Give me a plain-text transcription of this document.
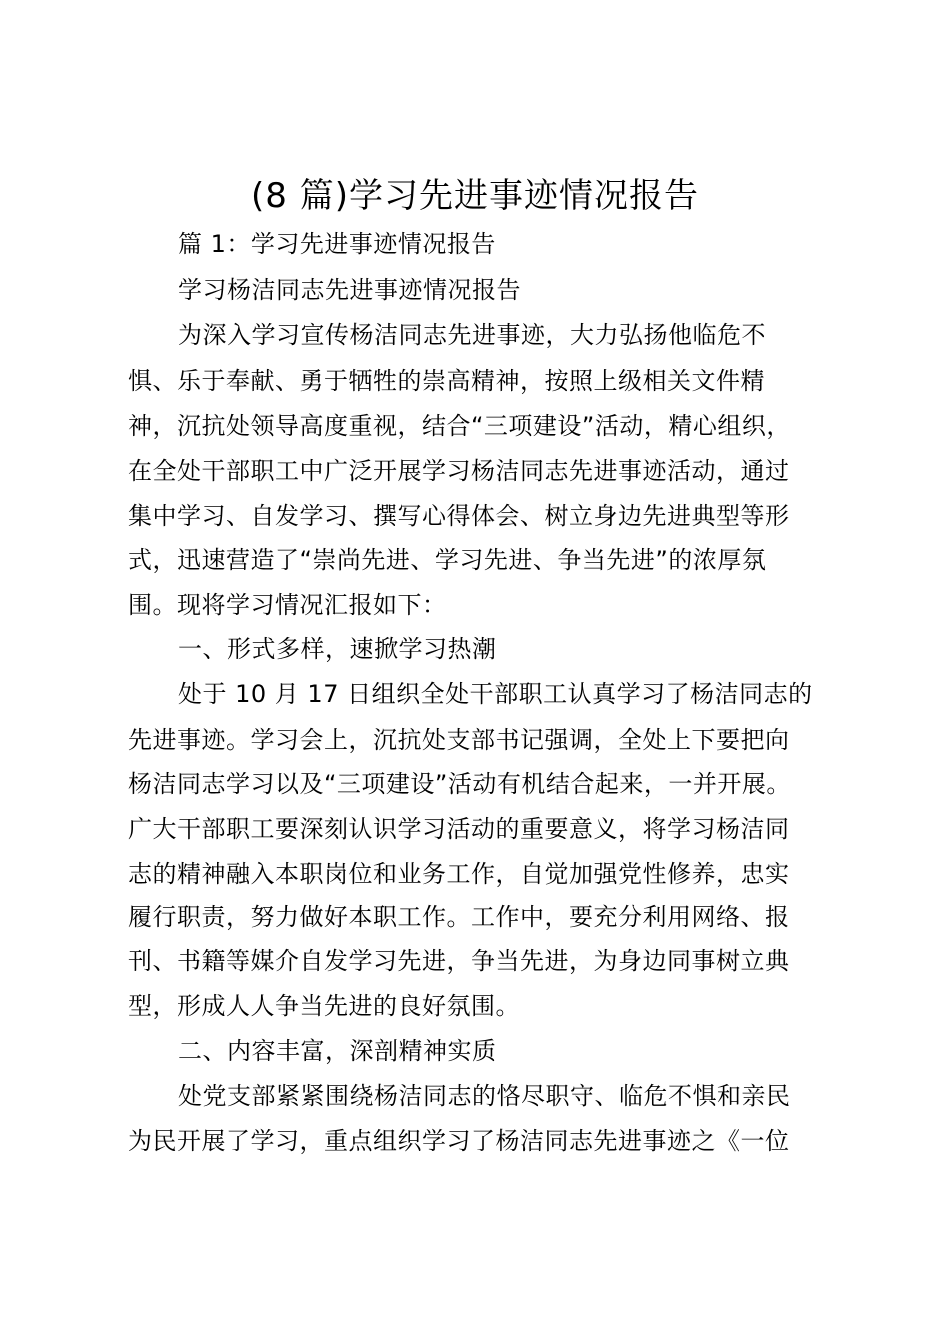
(8 篇)学习先进事迹情况报告
篇 1：学习先进事迹情况报告
学习杨洁同志先进事迹情况报告
为深入学习宣传杨洁同志先进事迹，大力弘扬他临危不
惧、乐于奉献、勇于牺牲的崇高精神，按照上级相关文件精
神，沉抗处领导高度重视，结合“三项建设”活动，精心组织，
在全处干部职工中广泛开展学习杨洁同志先进事迹活动，通过
集中学习、自发学习、撰写心得体会、树立身边先进典型等形
式，迅速营造了“崇尚先进、学习先进、争当先进”的浓厚氛
围。现将学习情况汇报如下：
一、形式多样，速掀学习热潮
处于 10 月 17 日组织全处干部职工认真学习了杨洁同志的
先进事迹。学习会上，沉抗处支部书记强调，全处上下要把向
杨洁同志学习以及“三项建设”活动有机结合起来，一并开展。
广大干部职工要深刻认识学习活动的重要意义，将学习杨洁同
志的精神融入本职岗位和业务工作，自觉加强党性修养，忠实
履行职责，努力做好本职工作。工作中，要充分利用网络、报
刊、书籍等媒介自发学习先进，争当先进，为身边同事树立典
型，形成人人争当先进的良好氛围。
二、内容丰富，深剖精神实质
处党支部紧紧围绕杨洁同志的恪尽职守、临危不惧和亲民
为民开展了学习，重点组织学习了杨洁同志先进事迹之《一位
